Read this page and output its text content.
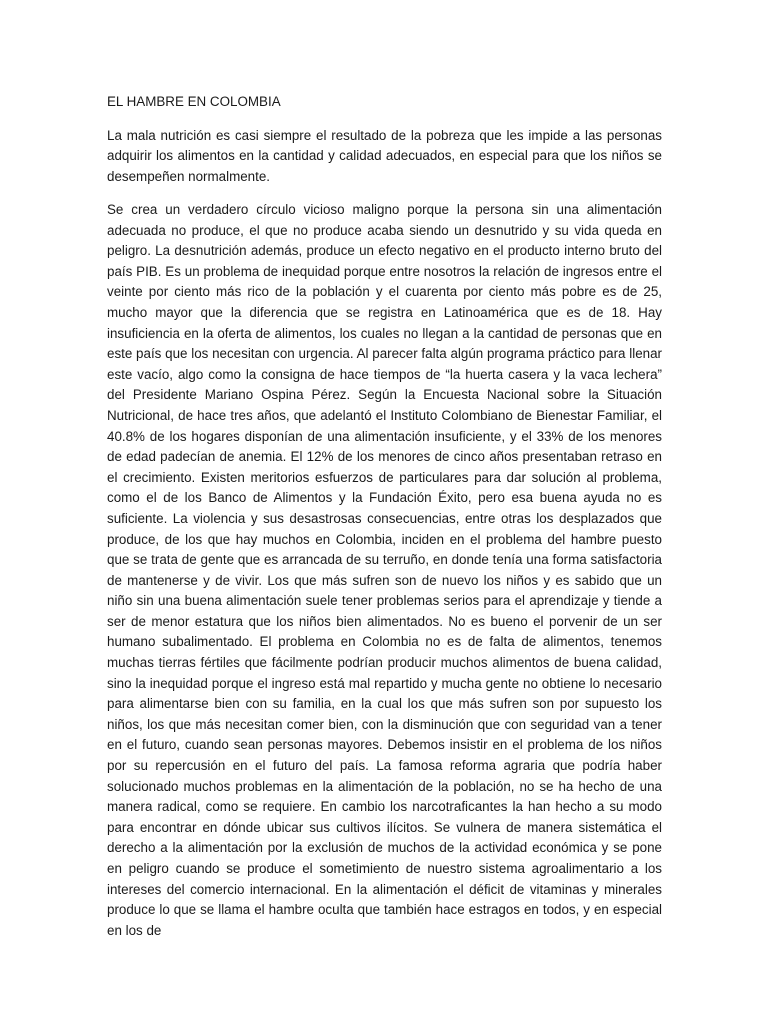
EL HAMBRE EN COLOMBIA

La mala nutrición es casi siempre el resultado de la pobreza que les impide a las personas adquirir los alimentos en la cantidad y calidad adecuados, en especial para que los niños se desempeñen normalmente.

Se crea un verdadero círculo vicioso maligno porque la persona sin una alimentación adecuada no produce, el que no produce acaba siendo un desnutrido y su vida queda en peligro. La desnutrición además, produce un efecto negativo en el producto interno bruto del país PIB. Es un problema de inequidad porque entre nosotros la relación de ingresos entre el veinte por ciento más rico de la población y el cuarenta por ciento más pobre es de 25, mucho mayor que la diferencia que se registra en Latinoamérica que es de 18. Hay insuficiencia en la oferta de alimentos, los cuales no llegan a la cantidad de personas que en este país que los necesitan con urgencia. Al parecer falta algún programa práctico para llenar este vacío, algo como la consigna de hace tiempos de “la huerta casera y la vaca lechera” del Presidente Mariano Ospina Pérez. Según la Encuesta Nacional sobre la Situación Nutricional, de hace tres años, que adelantó el Instituto Colombiano de Bienestar Familiar, el 40.8% de los hogares disponían de una alimentación insuficiente, y el 33% de los menores de edad padecían de anemia. El 12% de los menores de cinco años presentaban retraso en el crecimiento. Existen meritorios esfuerzos de particulares para dar solución al problema, como el de los Banco de Alimentos y la Fundación Éxito, pero esa buena ayuda no es suficiente. La violencia y sus desastrosas consecuencias, entre otras los desplazados que produce, de los que hay muchos en Colombia, inciden en el problema del hambre puesto que se trata de gente que es arrancada de su terruño, en donde tenía una forma satisfactoria de mantenerse y de vivir. Los que más sufren son de nuevo los niños y es sabido que un niño sin una buena alimentación suele tener problemas serios para el aprendizaje y tiende a ser de menor estatura que los niños bien alimentados. No es bueno el porvenir de un ser humano subalimentado. El problema en Colombia no es de falta de alimentos, tenemos muchas tierras fértiles que fácilmente podrían producir muchos alimentos de buena calidad, sino la inequidad porque el ingreso está mal repartido y mucha gente no obtiene lo necesario para alimentarse bien con su familia, en la cual los que más sufren son por supuesto los niños, los que más necesitan comer bien, con la disminución que con seguridad van a tener en el futuro, cuando sean personas mayores. Debemos insistir en el problema de los niños por su repercusión en el futuro del país. La famosa reforma agraria que podría haber solucionado muchos problemas en la alimentación de la población, no se ha hecho de una manera radical, como se requiere. En cambio los narcotraficantes la han hecho a su modo para encontrar en dónde ubicar sus cultivos ilícitos. Se vulnera de manera sistemática el derecho a la alimentación por la exclusión de muchos de la actividad económica y se pone en peligro cuando se produce el sometimiento de nuestro sistema agroalimentario a los intereses del comercio internacional. En la alimentación el déficit de vitaminas y minerales produce lo que se llama el hambre oculta que también hace estragos en todos, y en especial en los de
